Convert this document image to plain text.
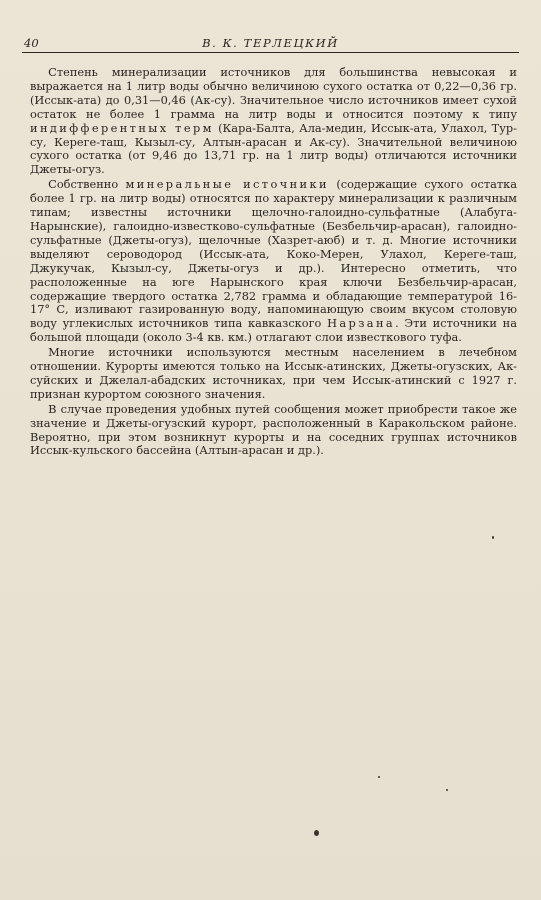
40	В. К. ТЕРЛЕЦКИЙ

Степень минерализации источников для большинства невысокая и выражается на 1 литр воды обычно величиною сухого остатка от 0,22—0,36 гр. (Иссык-ата) до 0,31—0,46 (Ак-су). Значительное число источников имеет сухой остаток не более 1 грамма на литр воды и относится поэтому к типу индифферентных терм (Кара-Балта, Ала-медин, Иссык-ата, Улахол, Тур-су, Кереге-таш, Кызыл-су, Алтын-арасан и Ак-су). Значительной величиною сухого остатка (от 9,46 до 13,71 гр. на 1 литр воды) отличаются источники Джеты-огуз.

Собственно минеральные источники (содержащие сухого остатка более 1 гр. на литр воды) относятся по характеру минерализации к различным типам; известны источники щелочно-галоидно-сульфатные (Алабуга-Нарынские), галоидно-известково-сульфатные (Безбельчир-арасан), галоидно-сульфатные (Джеты-огуз), щелочные (Хазрет-аюб) и т. д. Многие источники выделяют сероводород (Иссык-ата, Коко-Мерен, Улахол, Кереге-таш, Джукучак, Кызыл-су, Джеты-огуз и др.). Интересно отметить, что расположенные на юге Нарынского края ключи Безбельчир-арасан, содержащие твердого остатка 2,782 грамма и обладающие температурой 16-17° С, изливают газированную воду, напоминающую своим вкусом столовую воду углекислых источников типа кавказского Нарзана. Эти источники на большой площади (около 3-4 кв. км.) отлагают слои известкового туфа.

Многие источники используются местным населением в лечебном отношении. Курорты имеются только на Иссык-атинских, Джеты-огузских, Ак-суйских и Джелал-абадских источниках, при чем Иссык-атинский с 1927 г. признан курортом союзного значения.

В случае проведения удобных путей сообщения может приобрести такое же значение и Джеты-огузский курорт, расположенный в Каракольском районе. Вероятно, при этом возникнут курорты и на соседних группах источников Иссык-кульского бассейна (Алтын-арасан и др.).
